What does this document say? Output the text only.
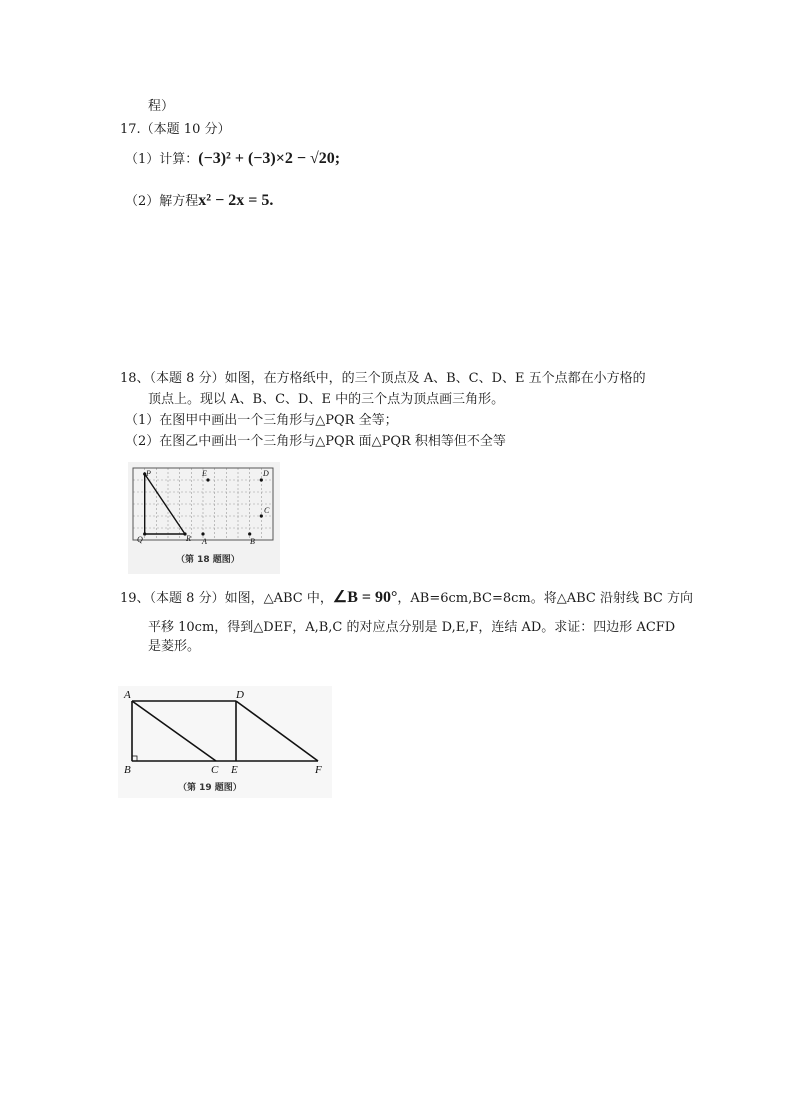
程）
17.（本题 10 分）
（1）计算：(−3)² + (−3)×2 − √20;
（2）解方程x² − 2x = 5.
18、（本题 8 分）如图，在方格纸中，的三个顶点及 A、B、C、D、E 五个点都在小方格的
顶点上。现以 A、B、C、D、E 中的三个点为顶点画三角形。
（1）在图甲中画出一个三角形与△PQR 全等；
（2）在图乙中画出一个三角形与△PQR 面△PQR 积相等但不全等
P	E	D
C
Q	R A	B
（第 18 题图）
19、（本题 8 分）如图，△ABC 中，∠B = 90°，AB=6cm,BC=8cm。将△ABC 沿射线 BC 方向
平移 10cm，得到△DEF，A,B,C 的对应点分别是 D,E,F，连结 AD。求证：四边形 ACFD
是菱形。
A	D
B	C E	F
（第 19 题图）
